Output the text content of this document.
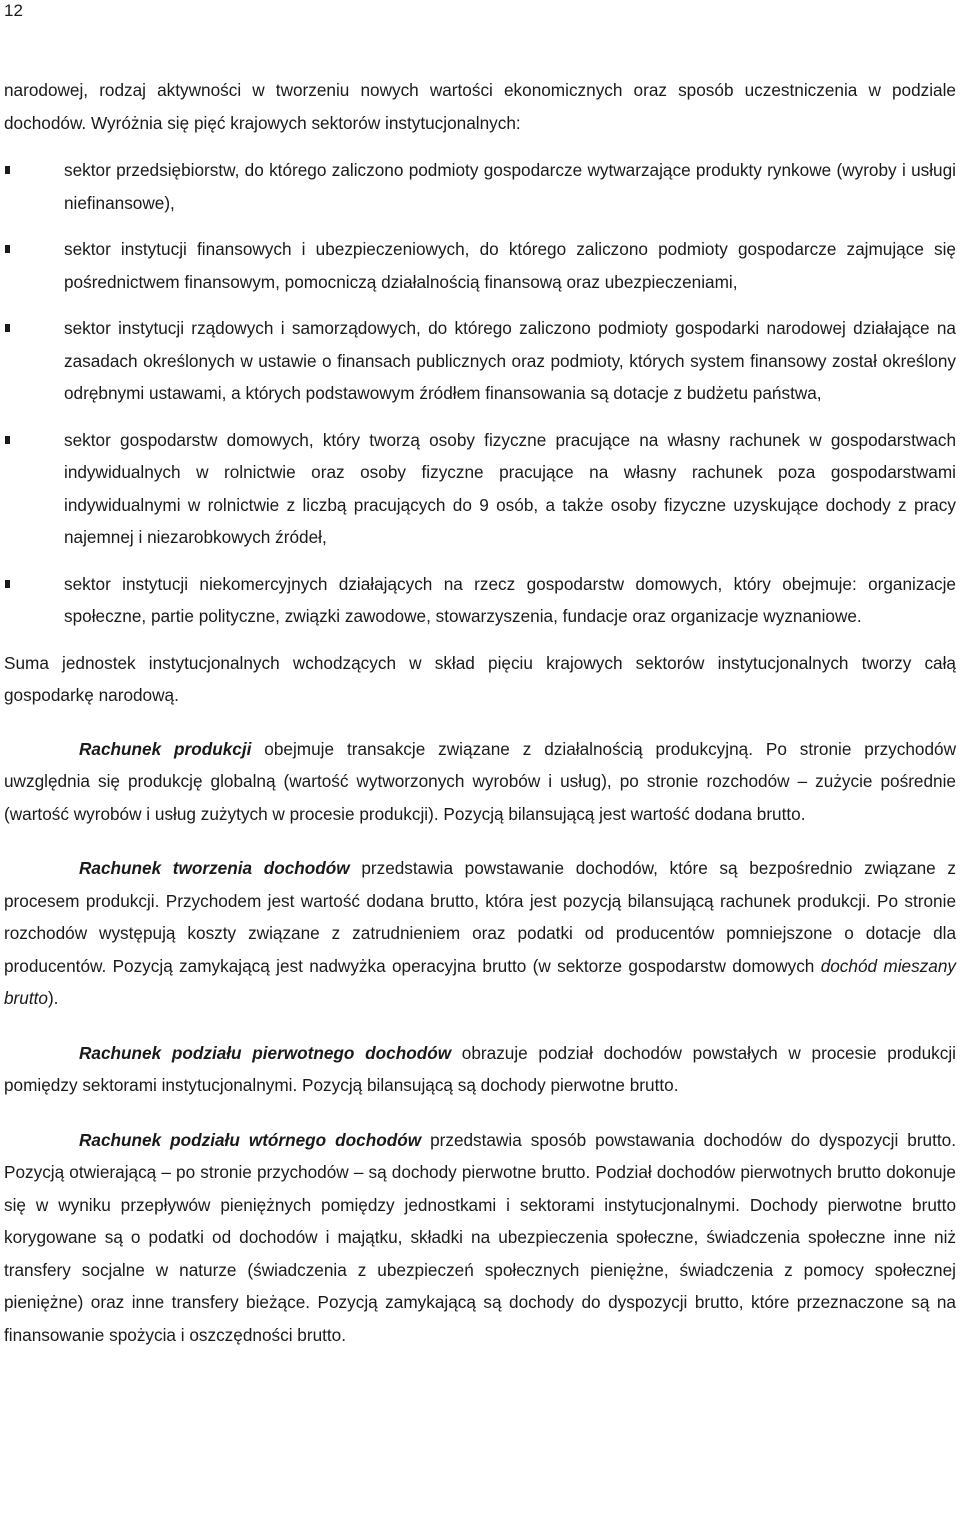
12

narodowej, rodzaj aktywności w tworzeniu nowych wartości ekonomicznych oraz sposób uczestniczenia w podziale dochodów. Wyróżnia się pięć krajowych sektorów instytucjonalnych:

sektor przedsiębiorstw, do którego zaliczono podmioty gospodarcze wytwarzające produkty rynkowe (wyroby i usługi niefinansowe),
sektor instytucji finansowych i ubezpieczeniowych, do którego zaliczono podmioty gospodarcze zajmujące się pośrednictwem finansowym, pomocniczą działalnością finansową oraz ubezpieczeniami,
sektor instytucji rządowych i samorządowych, do którego zaliczono podmioty gospodarki narodowej działające na zasadach określonych w ustawie o finansach publicznych oraz podmioty, których system finansowy został określony odrębnymi ustawami, a których podstawowym źródłem finansowania są dotacje z budżetu państwa,
sektor gospodarstw domowych, który tworzą osoby fizyczne pracujące na własny rachunek w gospodarstwach indywidualnych w rolnictwie oraz osoby fizyczne pracujące na własny rachunek poza gospodarstwami indywidualnymi w rolnictwie z liczbą pracujących do 9 osób, a także osoby fizyczne uzyskujące dochody z pracy najemnej i niezarobkowych źródeł,
sektor instytucji niekomercyjnych działających na rzecz gospodarstw domowych, który obejmuje: organizacje społeczne, partie polityczne, związki zawodowe, stowarzyszenia, fundacje oraz organizacje wyznaniowe.

Suma jednostek instytucjonalnych wchodzących w skład pięciu krajowych sektorów instytucjonalnych tworzy całą gospodarkę narodową.

Rachunek produkcji obejmuje transakcje związane z działalnością produkcyjną. Po stronie przychodów uwzględnia się produkcję globalną (wartość wytworzonych wyrobów i usług), po stronie rozchodów – zużycie pośrednie (wartość wyrobów i usług zużytych w procesie produkcji). Pozycją bilansującą jest wartość dodana brutto.

Rachunek tworzenia dochodów przedstawia powstawanie dochodów, które są bezpośrednio związane z procesem produkcji. Przychodem jest wartość dodana brutto, która jest pozycją bilansującą rachunek produkcji. Po stronie rozchodów występują koszty związane z zatrudnieniem oraz podatki od producentów pomniejszone o dotacje dla producentów. Pozycją zamykającą jest nadwyżka operacyjna brutto (w sektorze gospodarstw domowych dochód mieszany brutto).

Rachunek podziału pierwotnego dochodów obrazuje podział dochodów powstałych w procesie produkcji pomiędzy sektorami instytucjonalnymi. Pozycją bilansującą są dochody pierwotne brutto.

Rachunek podziału wtórnego dochodów przedstawia sposób powstawania dochodów do dyspozycji brutto. Pozycją otwierającą – po stronie przychodów – są dochody pierwotne brutto. Podział dochodów pierwotnych brutto dokonuje się w wyniku przepływów pieniężnych pomiędzy jednostkami i sektorami instytucjonalnymi. Dochody pierwotne brutto korygowane są o podatki od dochodów i majątku, składki na ubezpieczenia społeczne, świadczenia społeczne inne niż transfery socjalne w naturze (świadczenia z ubezpieczeń społecznych pieniężne, świadczenia z pomocy społecznej pieniężne) oraz inne transfery bieżące. Pozycją zamykającą są dochody do dyspozycji brutto, które przeznaczone są na finansowanie spożycia i oszczędności brutto.
